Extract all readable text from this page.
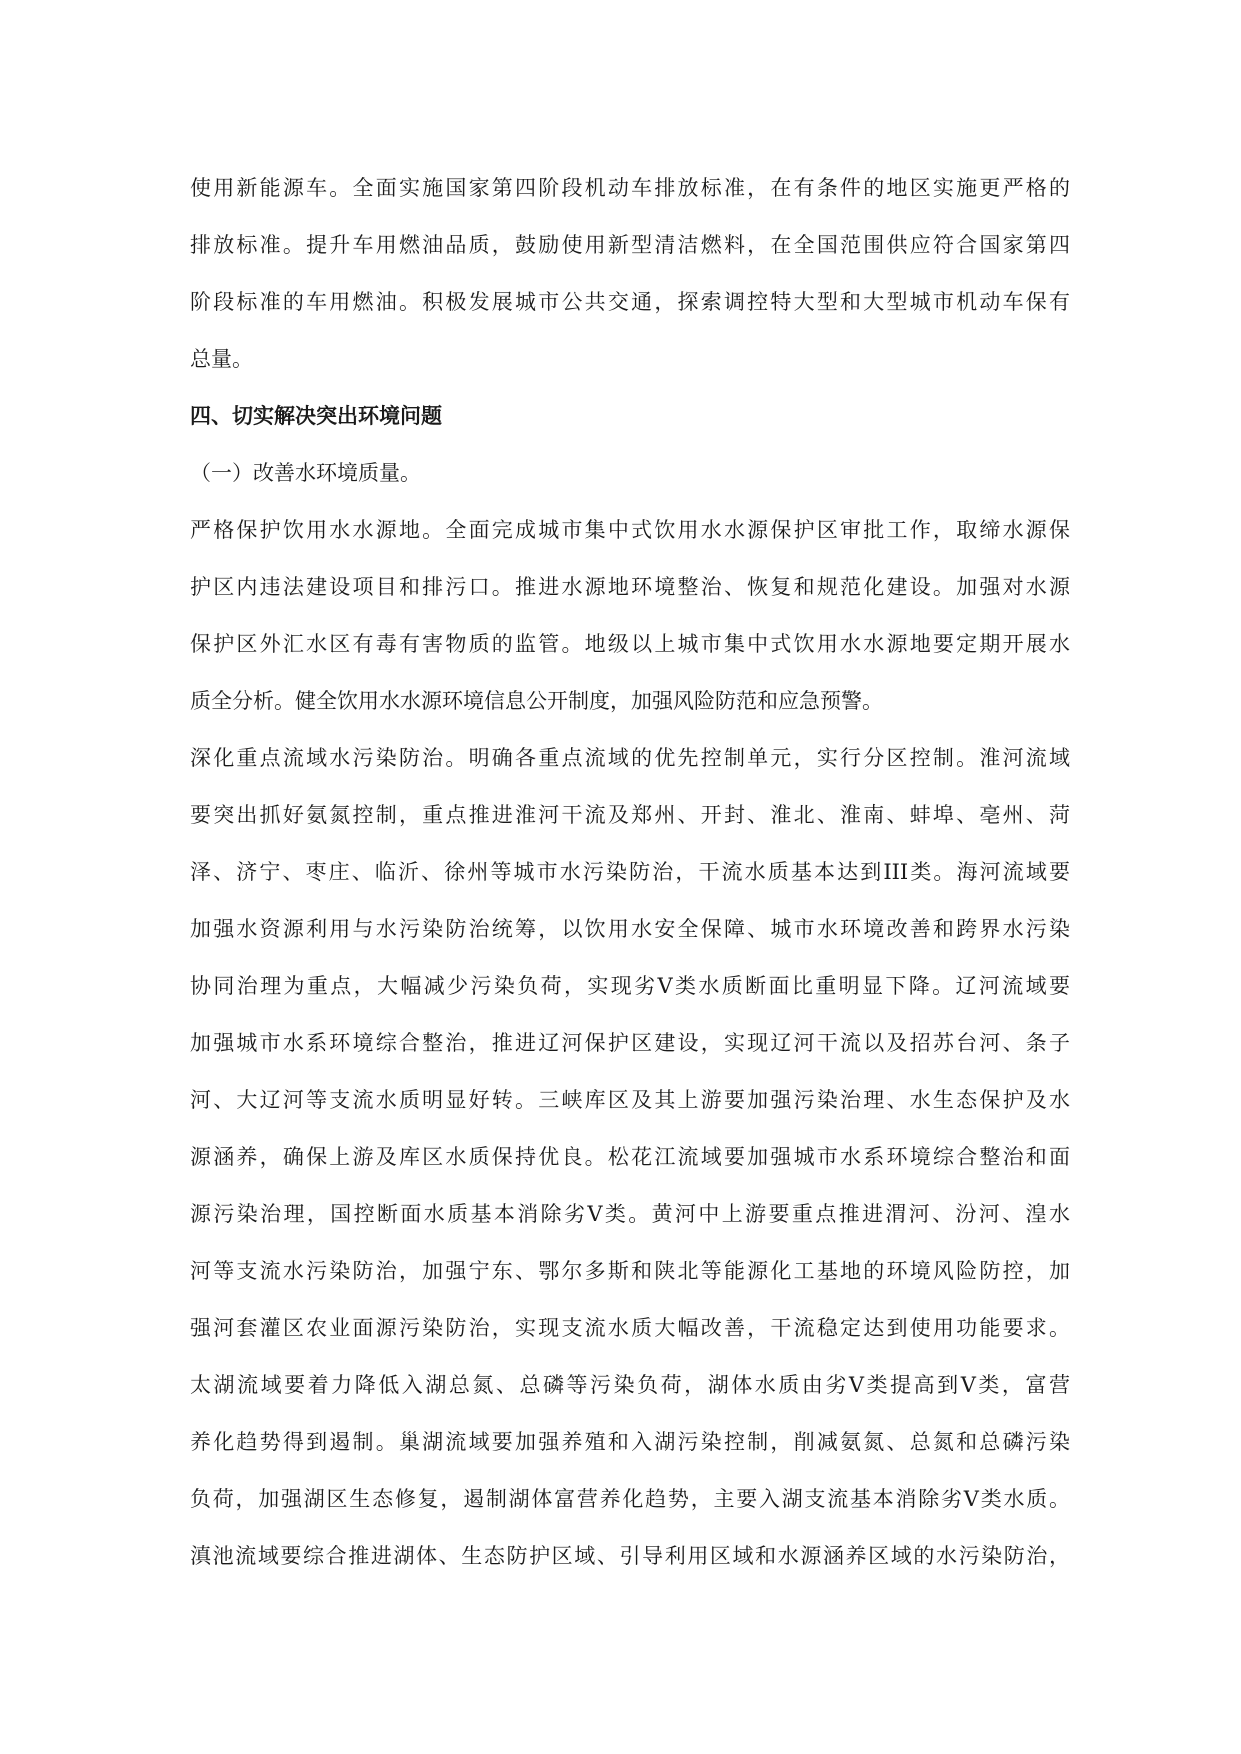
使用新能源车。全面实施国家第四阶段机动车排放标准，在有条件的地区实施更严格的
排放标准。提升车用燃油品质，鼓励使用新型清洁燃料，在全国范围供应符合国家第四
阶段标准的车用燃油。积极发展城市公共交通，探索调控特大型和大型城市机动车保有
总量。
四、切实解决突出环境问题
（一）改善水环境质量。
严格保护饮用水水源地。全面完成城市集中式饮用水水源保护区审批工作，取缔水源保
护区内违法建设项目和排污口。推进水源地环境整治、恢复和规范化建设。加强对水源
保护区外汇水区有毒有害物质的监管。地级以上城市集中式饮用水水源地要定期开展水
质全分析。健全饮用水水源环境信息公开制度，加强风险防范和应急预警。
深化重点流域水污染防治。明确各重点流域的优先控制单元，实行分区控制。淮河流域
要突出抓好氨氮控制，重点推进淮河干流及郑州、开封、淮北、淮南、蚌埠、亳州、菏
泽、济宁、枣庄、临沂、徐州等城市水污染防治，干流水质基本达到III类。海河流域要
加强水资源利用与水污染防治统筹，以饮用水安全保障、城市水环境改善和跨界水污染
协同治理为重点，大幅减少污染负荷，实现劣Ⅴ类水质断面比重明显下降。辽河流域要
加强城市水系环境综合整治，推进辽河保护区建设，实现辽河干流以及招苏台河、条子
河、大辽河等支流水质明显好转。三峡库区及其上游要加强污染治理、水生态保护及水
源涵养，确保上游及库区水质保持优良。松花江流域要加强城市水系环境综合整治和面
源污染治理，国控断面水质基本消除劣Ⅴ类。黄河中上游要重点推进渭河、汾河、湟水
河等支流水污染防治，加强宁东、鄂尔多斯和陕北等能源化工基地的环境风险防控，加
强河套灌区农业面源污染防治，实现支流水质大幅改善，干流稳定达到使用功能要求。
太湖流域要着力降低入湖总氮、总磷等污染负荷，湖体水质由劣Ⅴ类提高到Ⅴ类，富营
养化趋势得到遏制。巢湖流域要加强养殖和入湖污染控制，削减氨氮、总氮和总磷污染
负荷，加强湖区生态修复，遏制湖体富营养化趋势，主要入湖支流基本消除劣Ⅴ类水质。
滇池流域要综合推进湖体、生态防护区域、引导利用区域和水源涵养区域的水污染防治，
